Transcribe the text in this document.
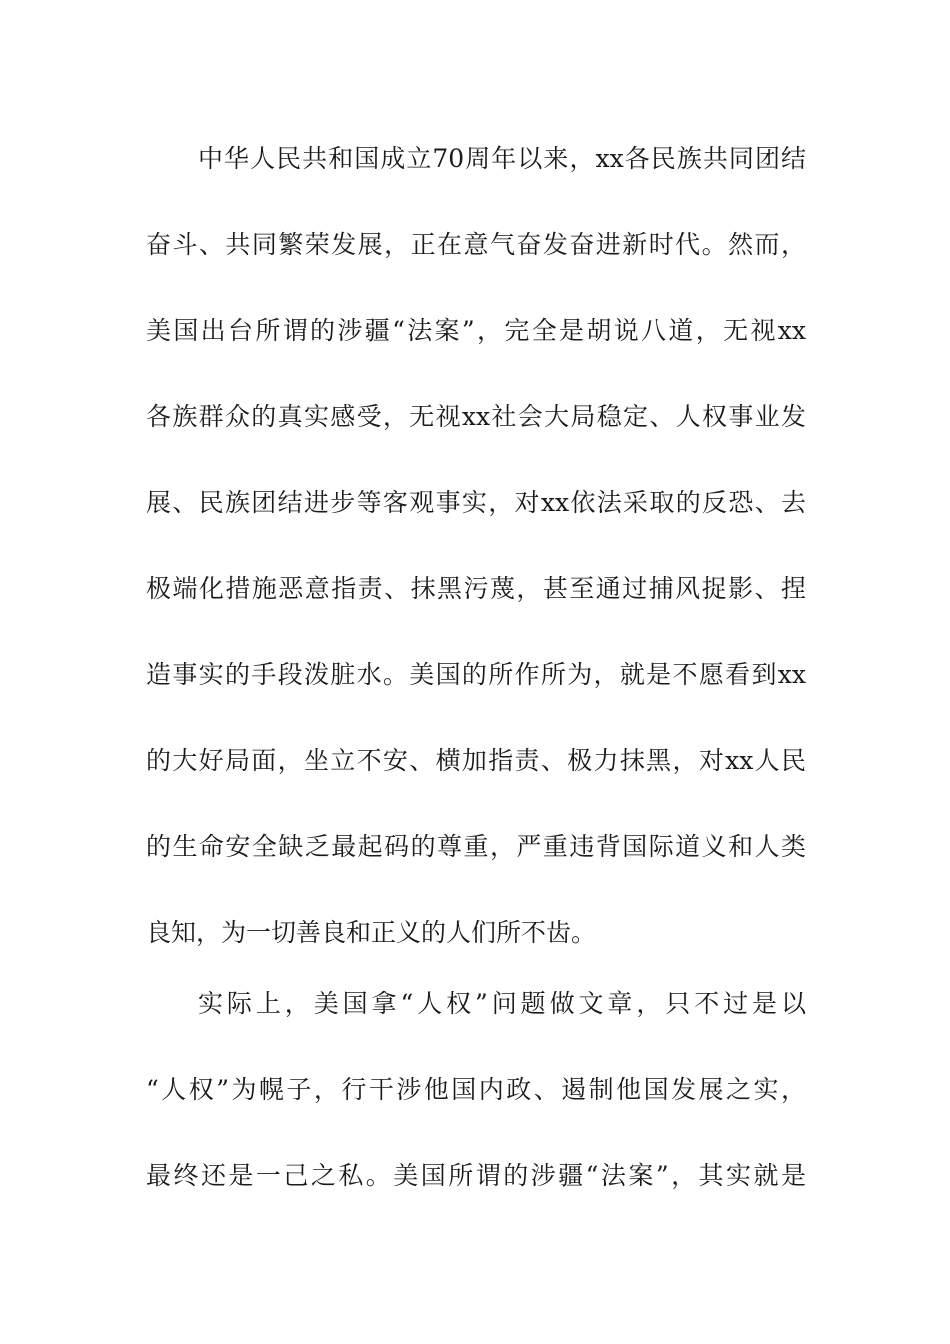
中华人民共和国成立70周年以来，xx各民族共同团结
奋斗、共同繁荣发展，正在意气奋发奋进新时代。然而，
美国出台所谓的涉疆“法案”，完全是胡说八道，无视xx
各族群众的真实感受，无视xx社会大局稳定、人权事业发
展、民族团结进步等客观事实，对xx依法采取的反恐、去
极端化措施恶意指责、抹黑污蔑，甚至通过捕风捉影、捏
造事实的手段泼脏水。美国的所作所为，就是不愿看到xx
的大好局面，坐立不安、横加指责、极力抹黑，对xx人民
的生命安全缺乏最起码的尊重，严重违背国际道义和人类
良知，为一切善良和正义的人们所不齿。
实际上，美国拿“人权”问题做文章，只不过是以
“人权”为幌子，行干涉他国内政、遏制他国发展之实，
最终还是一己之私。美国所谓的涉疆“法案”，其实就是
